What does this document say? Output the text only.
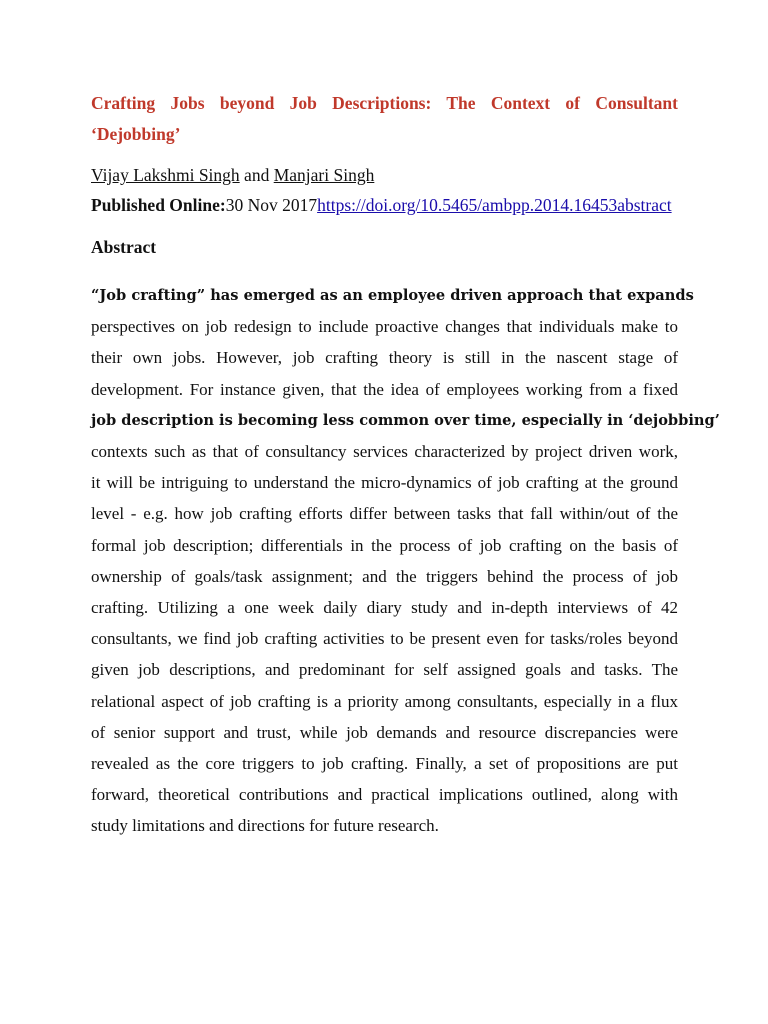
Crafting Jobs beyond Job Descriptions: The Context of Consultant ‘Dejobbing’
Vijay Lakshmi Singh and Manjari Singh
Published Online:30 Nov 2017https://doi.org/10.5465/ambpp.2014.16453abstract
Abstract
“Job crafting” has emerged as an employee driven approach that expands
perspectives on job redesign to include proactive changes that individuals make to
their own jobs. However, job crafting theory is still in the nascent stage of
development. For instance given, that the idea of employees working from a fixed
job description is becoming less common over time, especially in ‘dejobbing’
contexts such as that of consultancy services characterized by project driven work,
it will be intriguing to understand the micro-dynamics of job crafting at the ground
level - e.g. how job crafting efforts differ between tasks that fall within/out of the
formal job description; differentials in the process of job crafting on the basis of
ownership of goals/task assignment; and the triggers behind the process of job
crafting. Utilizing a one week daily diary study and in-depth interviews of 42
consultants, we find job crafting activities to be present even for tasks/roles beyond
given job descriptions, and predominant for self assigned goals and tasks. The
relational aspect of job crafting is a priority among consultants, especially in a flux
of senior support and trust, while job demands and resource discrepancies were
revealed as the core triggers to job crafting. Finally, a set of propositions are put
forward, theoretical contributions and practical implications outlined, along with
study limitations and directions for future research.
